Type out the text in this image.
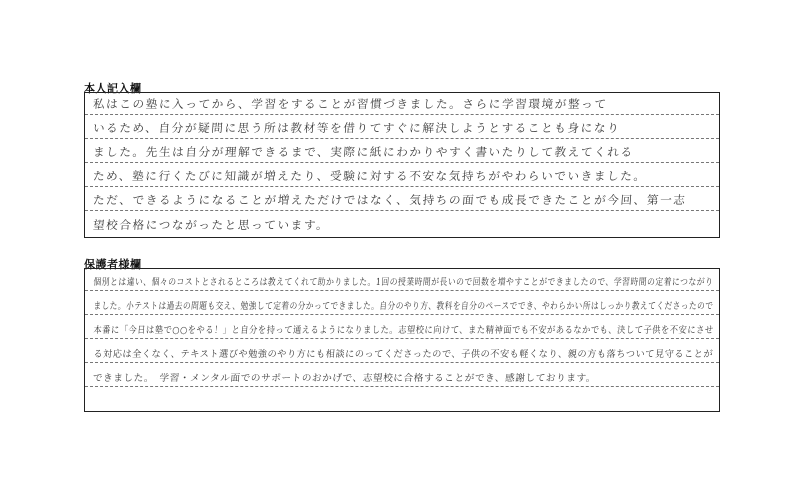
本人記入欄
私はこの塾に入ってから、学習をすることが習慣づきました。さらに学習環境が整って
いるため、自分が疑問に思う所は教材等を借りてすぐに解決しようとすることも身になり
ました。先生は自分が理解できるまで、実際に紙にわかりやすく書いたりして教えてくれる
ため、塾に行くたびに知識が増えたり、受験に対する不安な気持ちがやわらいでいきました。
ただ、できるようになることが増えただけではなく、気持ちの面でも成長できたことが今回、第一志
望校合格につながったと思っています。
保護者様欄
個別とは違い、個々のコストとされるところは教えてくれて助かりました。1回の授業時間が長いので回数を増やすことができましたので、学習時間の定着につながり
ました。小テストは過去の問題も交え、勉強して定着の分かってできました。自分のやり方、教科を自分のペースででき、やわらかい所はしっかり教えてくださったので
本番に「今日は塾で○○をやる！」と自分を持って通えるようになりました。志望校に向けて、また精神面でも不安があるなかでも、決して子供を不安にさせ
る対応は全くなく、テキスト選びや勉強のやり方にも相談にのってくださったので、子供の不安も軽くなり、親の方も落ちついて見守ることが
できました。　学習・メンタル面でのサポートのおかげで、志望校に合格することができ、感謝しております。
